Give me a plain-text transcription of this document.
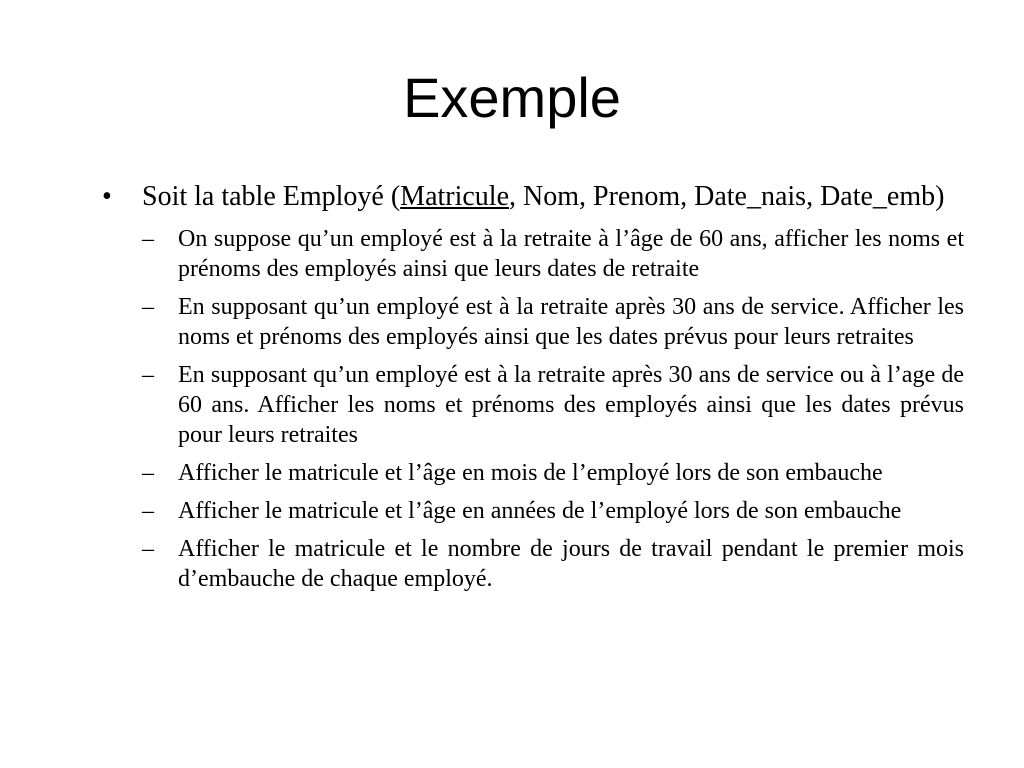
Exemple
• Soit la table Employé (Matricule, Nom, Prenom, Date_nais, Date_emb)
– On suppose qu’un employé est à la retraite à l’âge de 60 ans, afficher les noms et prénoms des employés ainsi que leurs dates de retraite
– En supposant qu’un employé est à la retraite après 30 ans de service. Afficher les noms et prénoms des employés ainsi que les dates prévus pour leurs retraites
– En supposant qu’un employé est à la retraite après 30 ans de service ou à l’age de 60 ans. Afficher les noms et prénoms des employés ainsi que les dates prévus pour leurs retraites
– Afficher le matricule et l’âge en mois de l’employé lors de son embauche
– Afficher le matricule et l’âge en années de l’employé lors de son embauche
– Afficher le matricule et le nombre de jours de travail pendant le premier mois d’embauche de chaque employé.
